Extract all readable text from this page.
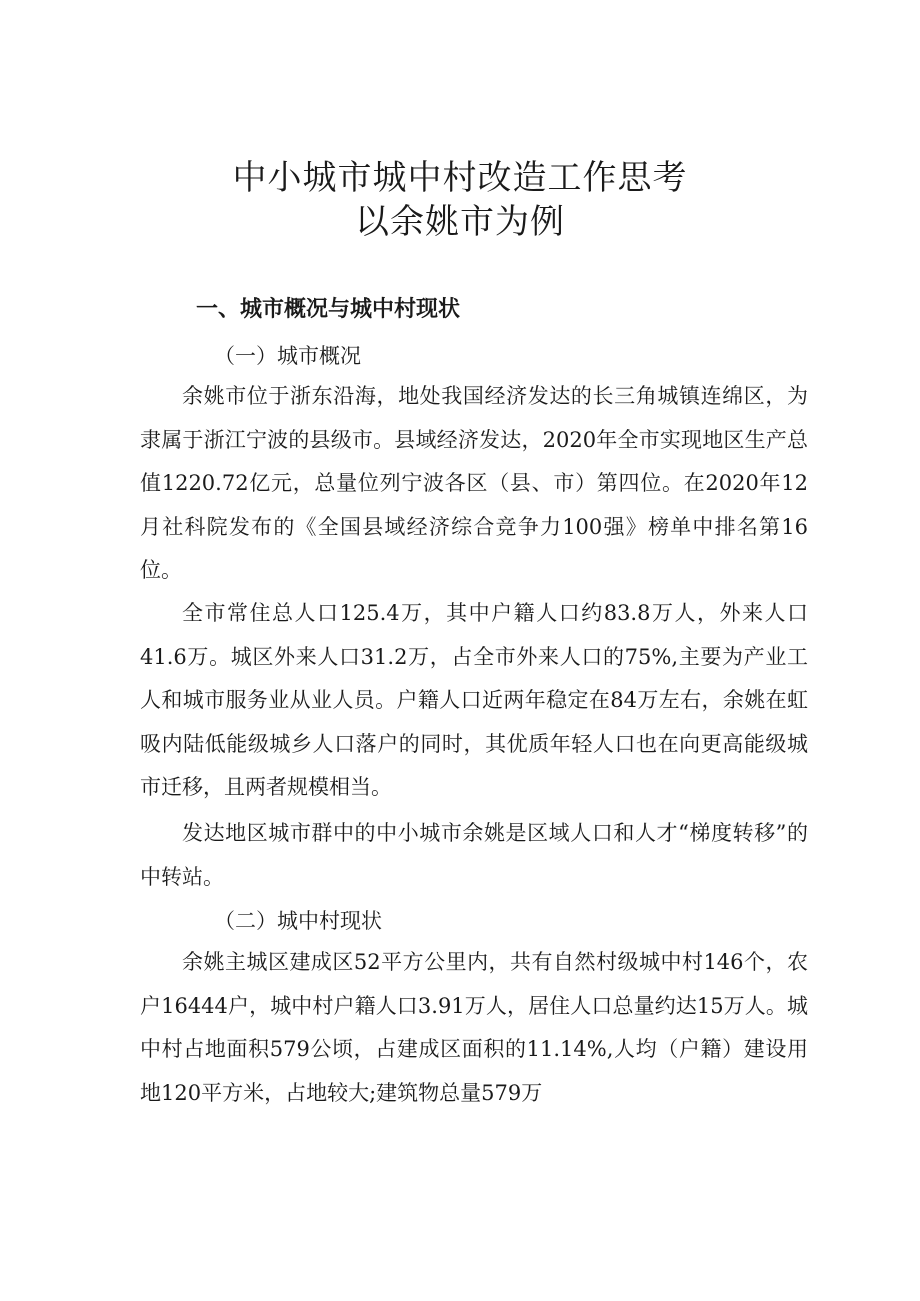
中小城市城中村改造工作思考
以余姚市为例
一、城市概况与城中村现状
（一）城市概况

余姚市位于浙东沿海，地处我国经济发达的长三角城镇连绵区，为隶属于浙江宁波的县级市。县域经济发达，2020年全市实现地区生产总值1220.72亿元，总量位列宁波各区（县、市）第四位。在2020年12月社科院发布的《全国县域经济综合竞争力100强》榜单中排名第16位。

全市常住总人口125.4万，其中户籍人口约83.8万人，外来人口41.6万。城区外来人口31.2万，占全市外来人口的75%,主要为产业工人和城市服务业从业人员。户籍人口近两年稳定在84万左右，余姚在虹吸内陆低能级城乡人口落户的同时，其优质年轻人口也在向更高能级城市迁移，且两者规模相当。

发达地区城市群中的中小城市余姚是区域人口和人才“梯度转移”的中转站。

（二）城中村现状

余姚主城区建成区52平方公里内，共有自然村级城中村146个，农户16444户，城中村户籍人口3.91万人，居住人口总量约达15万人。城中村占地面积579公顷，占建成区面积的11.14%,人均（户籍）建设用地120平方米，占地较大;建筑物总量579万
